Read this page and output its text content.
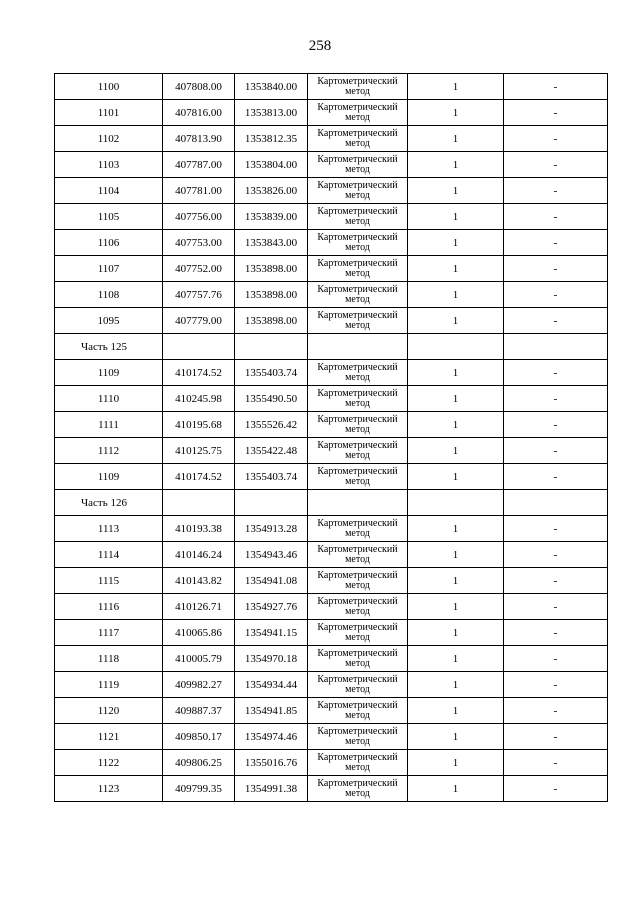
258
1100	407808.00	1353840.00	Картометрический метод	1	-
1101	407816.00	1353813.00	Картометрический метод	1	-
1102	407813.90	1353812.35	Картометрический метод	1	-
1103	407787.00	1353804.00	Картометрический метод	1	-
1104	407781.00	1353826.00	Картометрический метод	1	-
1105	407756.00	1353839.00	Картометрический метод	1	-
1106	407753.00	1353843.00	Картометрический метод	1	-
1107	407752.00	1353898.00	Картометрический метод	1	-
1108	407757.76	1353898.00	Картометрический метод	1	-
1095	407779.00	1353898.00	Картометрический метод	1	-
Часть 125					
1109	410174.52	1355403.74	Картометрический метод	1	-
1110	410245.98	1355490.50	Картометрический метод	1	-
1111	410195.68	1355526.42	Картометрический метод	1	-
1112	410125.75	1355422.48	Картометрический метод	1	-
1109	410174.52	1355403.74	Картометрический метод	1	-
Часть 126					
1113	410193.38	1354913.28	Картометрический метод	1	-
1114	410146.24	1354943.46	Картометрический метод	1	-
1115	410143.82	1354941.08	Картометрический метод	1	-
1116	410126.71	1354927.76	Картометрический метод	1	-
1117	410065.86	1354941.15	Картометрический метод	1	-
1118	410005.79	1354970.18	Картометрический метод	1	-
1119	409982.27	1354934.44	Картометрический метод	1	-
1120	409887.37	1354941.85	Картометрический метод	1	-
1121	409850.17	1354974.46	Картометрический метод	1	-
1122	409806.25	1355016.76	Картометрический метод	1	-
1123	409799.35	1354991.38	Картометрический метод	1	-
